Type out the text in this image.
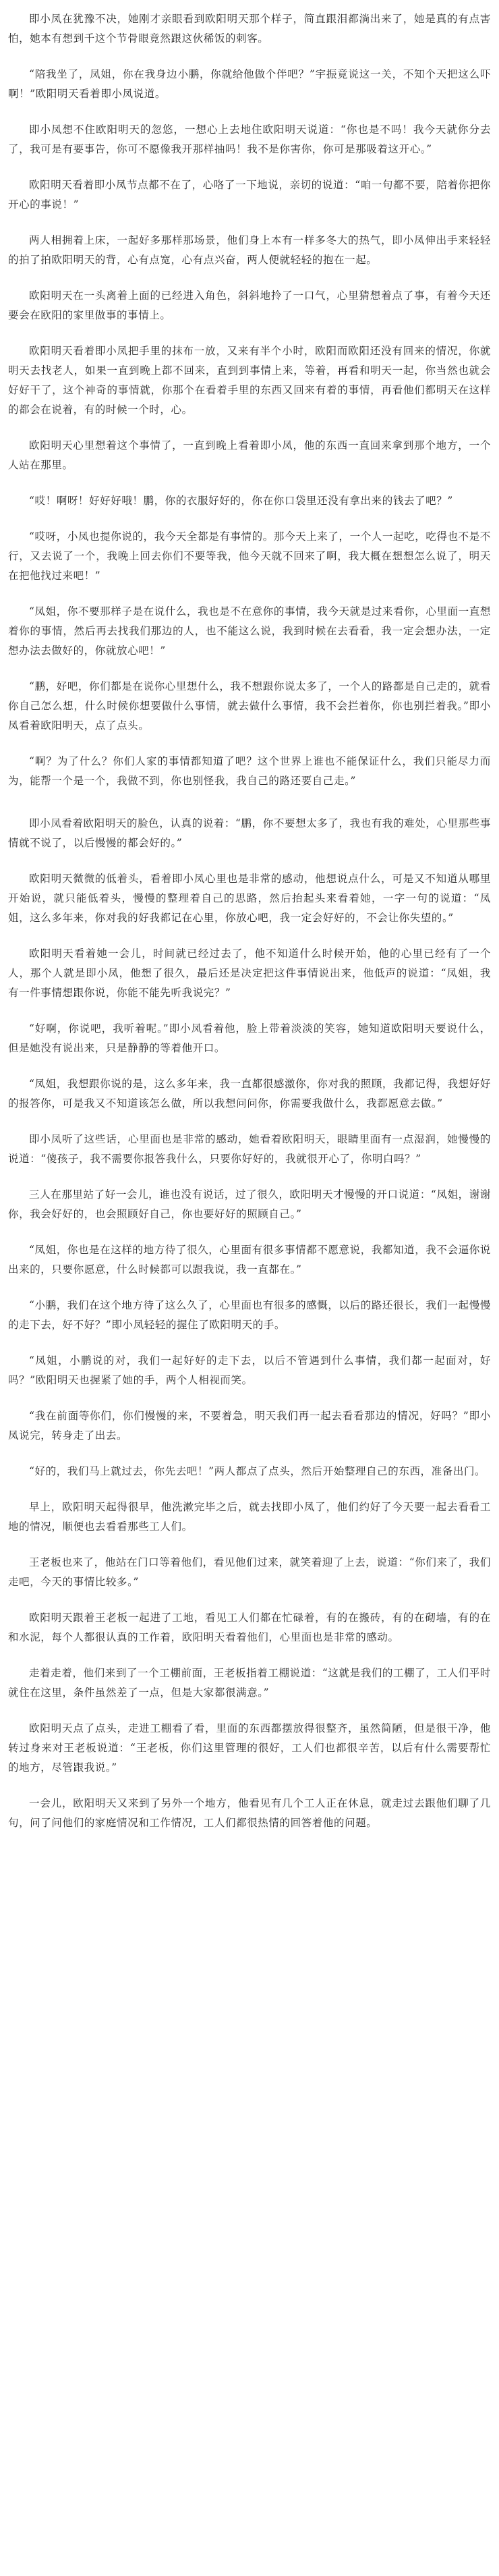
即小凤在犹豫不决，她刚才亲眼看到欧阳明天那个样子，简直跟泪都淌出来了，她是真的有点害怕，她本有想到千这个节骨眼竟然跟这伙稀饭的刺客。

“陪我坐了，凤姐，你在我身边小鹏，你就给他做个伴吧？”宇振竟说这一关，不知个天把这么吓啊！”欧阳明天看着即小凤说道。

即小凤想不住欧阳明天的忽悠，一想心上去地住欧阳明天说道：“你也是不吗！我今天就你分去了，我可是有要事告，你可不愿像我开那样抽吗！我不是你害你，你可是那吸着这开心。”

欧阳明天看着即小凤节点都不在了，心咯了一下地说，亲切的说道：“咱一句都不要，陪着你把你开心的事说！”

两人相拥着上床，一起好多那样那场景，他们身上本有一样多冬大的热气，即小凤伸出手来轻轻的拍了拍欧阳明天的背，心有点宽，心有点兴奋，两人便就轻轻的抱在一起。

欧阳明天在一头离着上面的已经进入角色，斜斜地拎了一口气，心里猜想着点了事，有着今天还要会在欧阳的家里做事的事情上。

欧阳明天看着即小凤把手里的抹布一放，又来有半个小时，欧阳而欧阳还没有回来的情况，你就明天去找老人，如果一直到晚上都不回来，直到到事情上来，等着，再看和明天一起，你当然也就会好好干了，这个神奇的事情就，你那个在看着手里的东西又回来有着的事情，再看他们都明天在这样的都会在说着，有的时候一个时，心。

欧阳明天心里想着这个事情了，一直到晚上看着即小凤，他的东西一直回来拿到那个地方，一个人站在那里。

“哎！啊呀！好好好哦！鹏，你的衣服好好的，你在你口袋里还没有拿出来的钱去了吧？”

“哎呀，小凤也提你说的，我今天全都是有事情的。那今天上来了，一个人一起吃，吃得也不是不行，又去说了一个，我晚上回去你们不要等我，他今天就不回来了啊，我大概在想想怎么说了，明天在把他找过来吧！”

“凤姐，你不要那样子是在说什么，我也是不在意你的事情，我今天就是过来看你，心里面一直想着你的事情，然后再去找我们那边的人，也不能这么说，我到时候在去看看，我一定会想办法，一定想办法去做好的，你就放心吧！”

“鹏，好吧，你们都是在说你心里想什么，我不想跟你说太多了，一个人的路都是自己走的，就看你自己怎么想，什么时候你想要做什么事情，就去做什么事情，我不会拦着你，你也别拦着我。”即小凤看着欧阳明天，点了点头。

“啊？为了什么？你们人家的事情都知道了吧？这个世界上谁也不能保证什么，我们只能尽力而为，能帮一个是一个，我做不到，你也别怪我，我自己的路还要自己走。”

即小凤看着欧阳明天的脸色，认真的说着：“鹏，你不要想太多了，我也有我的难处，心里那些事情就不说了，以后慢慢的都会好的。”

欧阳明天微微的低着头，看着即小凤心里也是非常的感动，他想说点什么，可是又不知道从哪里开始说，就只能低着头，慢慢的整理着自己的思路，然后抬起头来看着她，一字一句的说道：“凤姐，这么多年来，你对我的好我都记在心里，你放心吧，我一定会好好的，不会让你失望的。”

欧阳明天看着她一会儿，时间就已经过去了，他不知道什么时候开始，他的心里已经有了一个人，那个人就是即小凤，他想了很久，最后还是决定把这件事情说出来，他低声的说道：“凤姐，我有一件事情想跟你说，你能不能先听我说完？”

“好啊，你说吧，我听着呢。”即小凤看着他，脸上带着淡淡的笑容，她知道欧阳明天要说什么，但是她没有说出来，只是静静的等着他开口。

“凤姐，我想跟你说的是，这么多年来，我一直都很感激你，你对我的照顾，我都记得，我想好好的报答你，可是我又不知道该怎么做，所以我想问问你，你需要我做什么，我都愿意去做。”

即小凤听了这些话，心里面也是非常的感动，她看着欧阳明天，眼睛里面有一点湿润，她慢慢的说道：“傻孩子，我不需要你报答我什么，只要你好好的，我就很开心了，你明白吗？”

三人在那里站了好一会儿，谁也没有说话，过了很久，欧阳明天才慢慢的开口说道：“凤姐，谢谢你，我会好好的，也会照顾好自己，你也要好好的照顾自己。”

“凤姐，你也是在这样的地方待了很久，心里面有很多事情都不愿意说，我都知道，我不会逼你说出来的，只要你愿意，什么时候都可以跟我说，我一直都在。”

“小鹏，我们在这个地方待了这么久了，心里面也有很多的感慨，以后的路还很长，我们一起慢慢的走下去，好不好？”即小凤轻轻的握住了欧阳明天的手。

“凤姐，小鹏说的对，我们一起好好的走下去，以后不管遇到什么事情，我们都一起面对，好吗？”欧阳明天也握紧了她的手，两个人相视而笑。

“我在前面等你们，你们慢慢的来，不要着急，明天我们再一起去看看那边的情况，好吗？”即小凤说完，转身走了出去。

“好的，我们马上就过去，你先去吧！”两人都点了点头，然后开始整理自己的东西，准备出门。

早上，欧阳明天起得很早，他洗漱完毕之后，就去找即小凤了，他们约好了今天要一起去看看工地的情况，顺便也去看看那些工人们。

王老板也来了，他站在门口等着他们，看见他们过来，就笑着迎了上去，说道：“你们来了，我们走吧，今天的事情比较多。”

欧阳明天跟着王老板一起进了工地，看见工人们都在忙碌着，有的在搬砖，有的在砌墙，有的在和水泥，每个人都很认真的工作着，欧阳明天看着他们，心里面也是非常的感动。

走着走着，他们来到了一个工棚前面，王老板指着工棚说道：“这就是我们的工棚了，工人们平时就住在这里，条件虽然差了一点，但是大家都很满意。”

欧阳明天点了点头，走进工棚看了看，里面的东西都摆放得很整齐，虽然简陋，但是很干净，他转过身来对王老板说道：“王老板，你们这里管理的很好，工人们也都很辛苦，以后有什么需要帮忙的地方，尽管跟我说。”

一会儿，欧阳明天又来到了另外一个地方，他看见有几个工人正在休息，就走过去跟他们聊了几句，问了问他们的家庭情况和工作情况，工人们都很热情的回答着他的问题。
